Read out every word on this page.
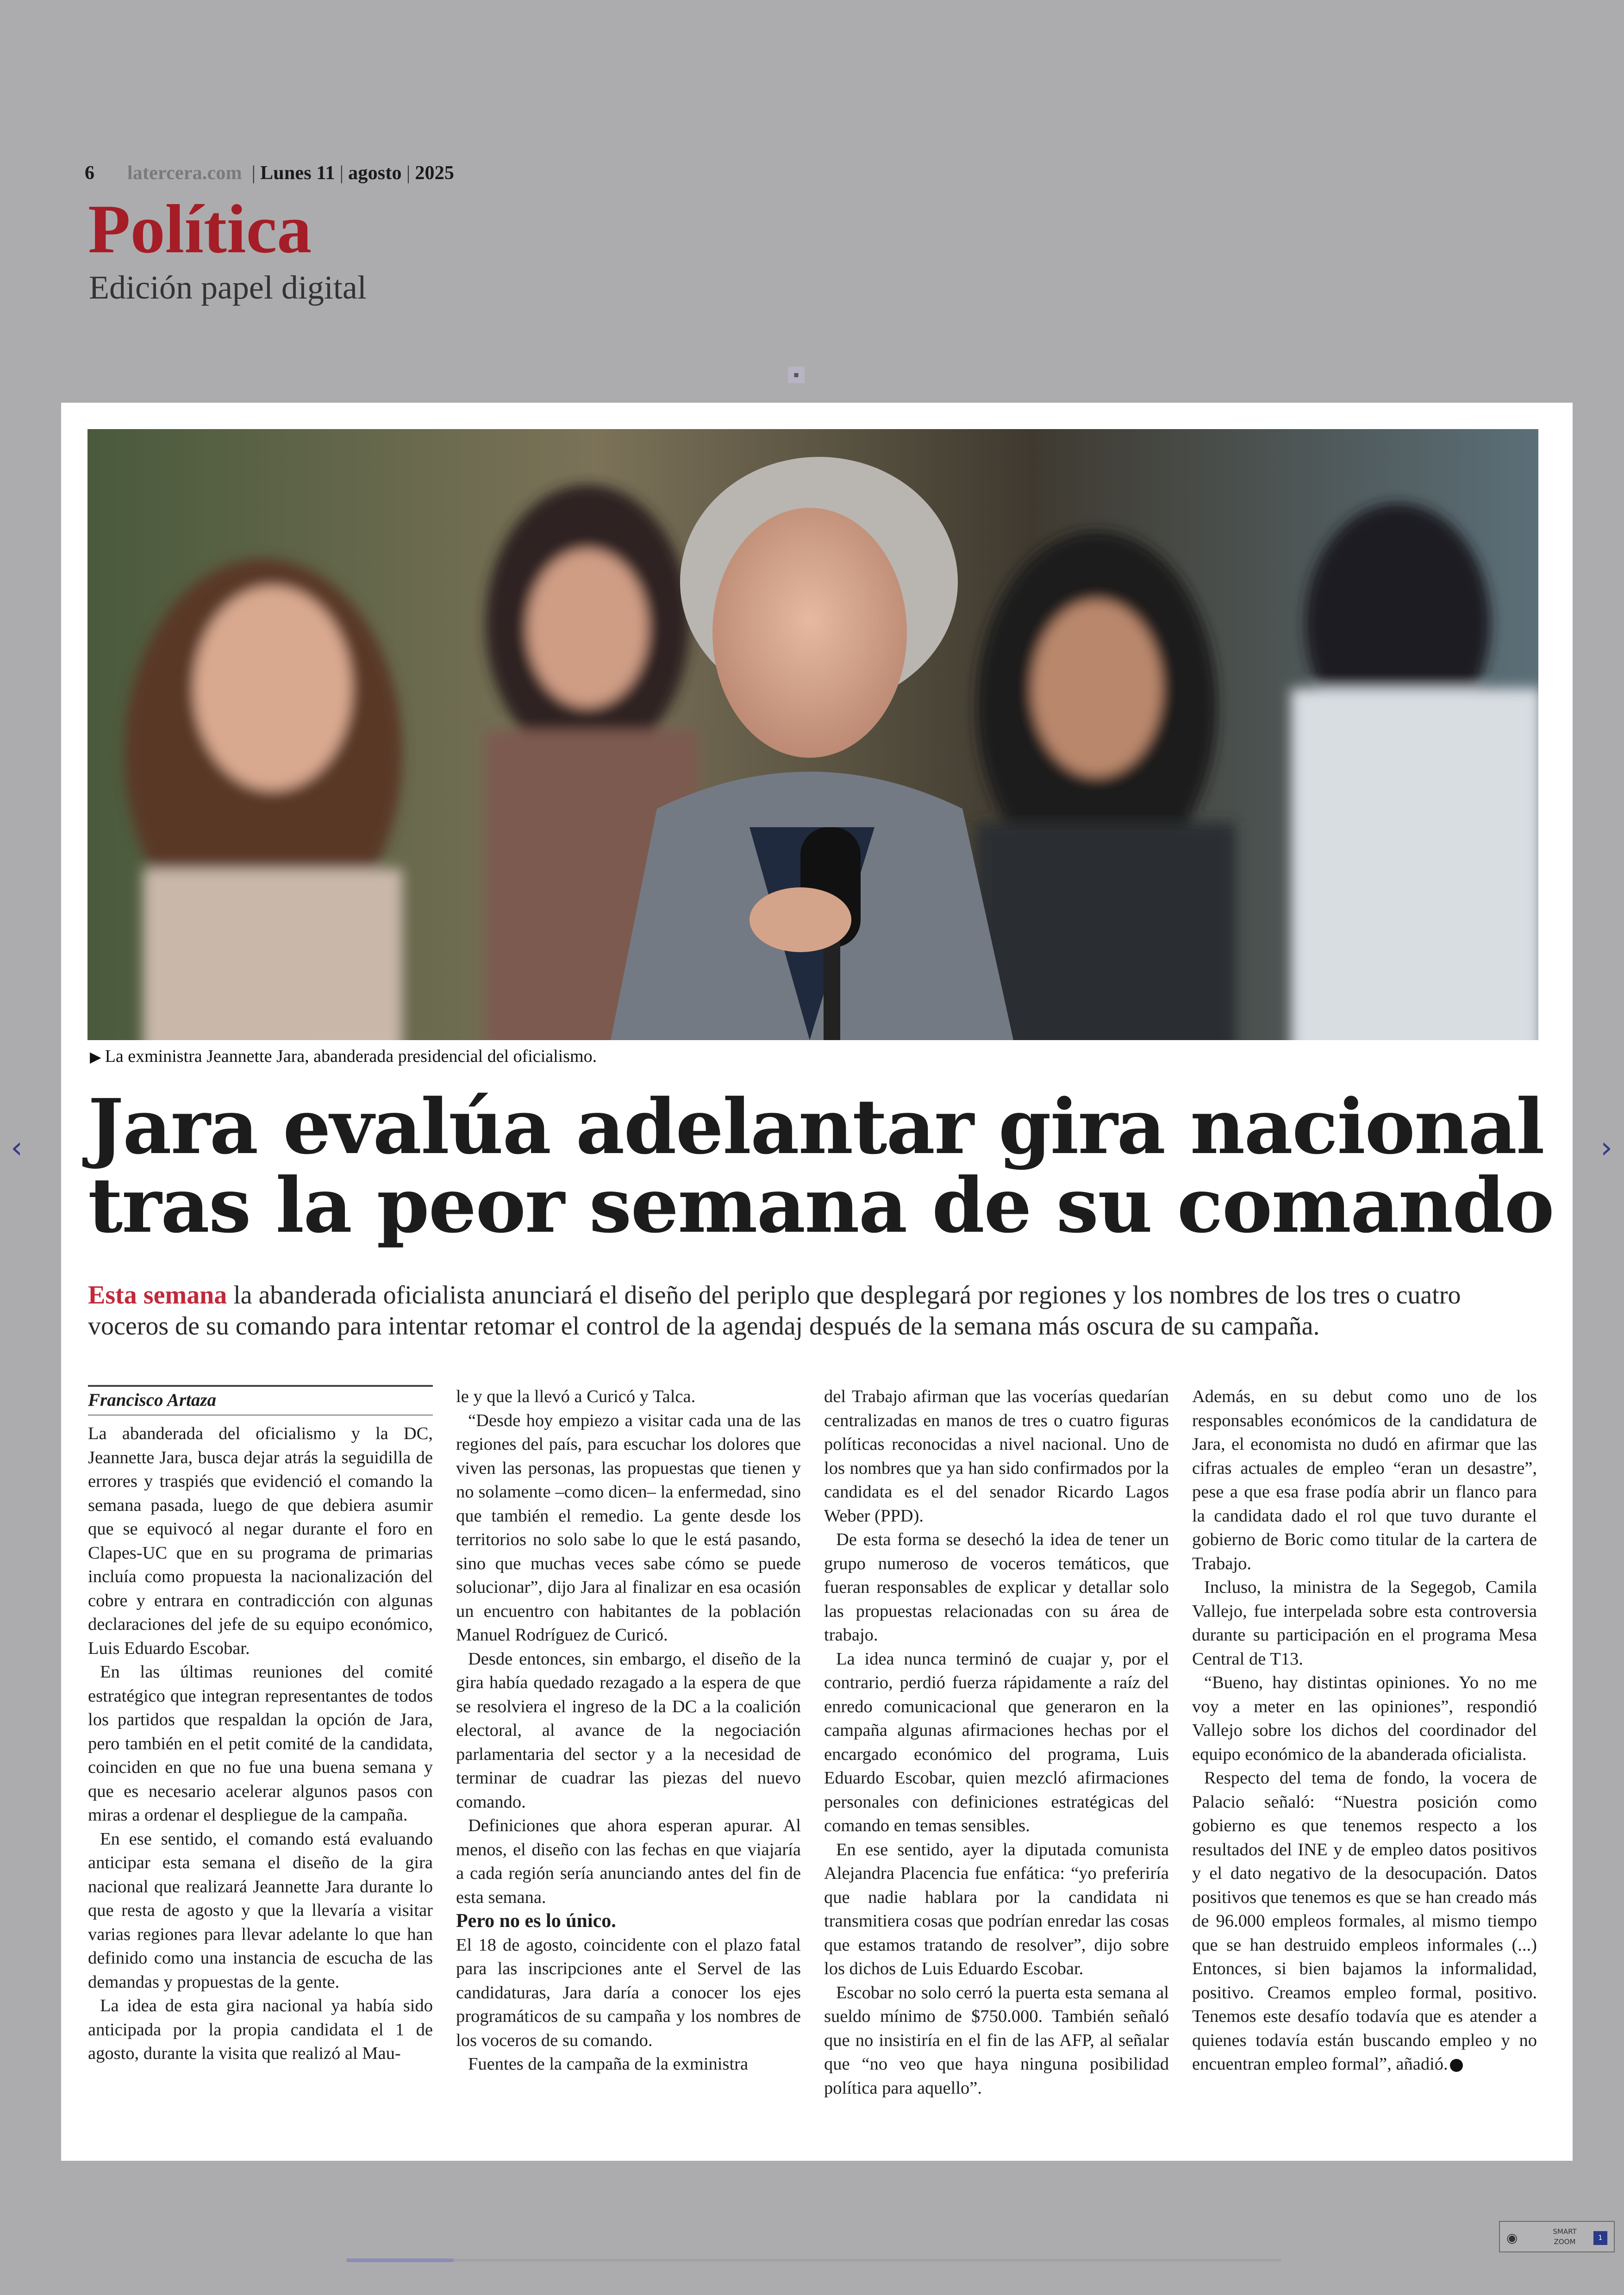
6 latercera.com | Lunes 11 | agosto | 2025
Política
Edición papel digital
▪
‹	›
▶ La exministra Jeannette Jara, abanderada presidencial del oficialismo.
Jara evalúa adelantar gira nacional
tras la peor semana de su comando
Esta semana la abanderada oficialista anunciará el diseño del periplo que desplegará por regiones y los nombres de los tres o cuatro voceros de su comando para intentar retomar el control de la agendaj después de la semana más oscura de su campaña.
Francisco Artaza

La abanderada del oficialismo y la DC, Jeannette Jara, busca dejar atrás la seguidilla de errores y traspiés que evidenció el comando la semana pasada, luego de que debiera asumir que se equivocó al negar durante el foro en Clapes-UC que en su programa de primarias incluía como propuesta la nacionalización del cobre y entrara en contradicción con algunas declaraciones del jefe de su equipo económico, Luis Eduardo Escobar.

En las últimas reuniones del comité estratégico que integran representantes de todos los partidos que respaldan la opción de Jara, pero también en el petit comité de la candidata, coinciden en que no fue una buena semana y que es necesario acelerar algunos pasos con miras a ordenar el despliegue de la campaña.

En ese sentido, el comando está evaluando anticipar esta semana el diseño de la gira nacional que realizará Jeannette Jara durante lo que resta de agosto y que la llevaría a visitar varias regiones para llevar adelante lo que han definido como una instancia de escucha de las demandas y propuestas de la gente.

La idea de esta gira nacional ya había sido anticipada por la propia candidata el 1 de agosto, durante la visita que realizó al Mau-

le y que la llevó a Curicó y Talca.

“Desde hoy empiezo a visitar cada una de las regiones del país, para escuchar los dolores que viven las personas, las propuestas que tienen y no solamente –como dicen– la enfermedad, sino que también el remedio. La gente desde los territorios no solo sabe lo que le está pasando, sino que muchas veces sabe cómo se puede solucionar”, dijo Jara al finalizar en esa ocasión un encuentro con habitantes de la población Manuel Rodríguez de Curicó.

Desde entonces, sin embargo, el diseño de la gira había quedado rezagado a la espera de que se resolviera el ingreso de la DC a la coalición electoral, al avance de la negociación parlamentaria del sector y a la necesidad de terminar de cuadrar las piezas del nuevo comando.

Definiciones que ahora esperan apurar. Al menos, el diseño con las fechas en que viajaría a cada región sería anunciando antes del fin de esta semana.

Pero no es lo único.

El 18 de agosto, coincidente con el plazo fatal para las inscripciones ante el Servel de las candidaturas, Jara daría a conocer los ejes programáticos de su campaña y los nombres de los voceros de su comando.

Fuentes de la campaña de la exministra

del Trabajo afirman que las vocerías quedarían centralizadas en manos de tres o cuatro figuras políticas reconocidas a nivel nacional. Uno de los nombres que ya han sido confirmados por la candidata es el del senador Ricardo Lagos Weber (PPD).

De esta forma se desechó la idea de tener un grupo numeroso de voceros temáticos, que fueran responsables de explicar y detallar solo las propuestas relacionadas con su área de trabajo.

La idea nunca terminó de cuajar y, por el contrario, perdió fuerza rápidamente a raíz del enredo comunicacional que generaron en la campaña algunas afirmaciones hechas por el encargado económico del programa, Luis Eduardo Escobar, quien mezcló afirmaciones personales con definiciones estratégicas del comando en temas sensibles.

En ese sentido, ayer la diputada comunista Alejandra Placencia fue enfática: “yo preferiría que nadie hablara por la candidata ni transmitiera cosas que podrían enredar las cosas que estamos tratando de resolver”, dijo sobre los dichos de Luis Eduardo Escobar.

Escobar no solo cerró la puerta esta semana al sueldo mínimo de $750.000. También señaló que no insistiría en el fin de las AFP, al señalar que “no veo que haya ninguna posibilidad política para aquello”.

Además, en su debut como uno de los responsables económicos de la candidatura de Jara, el economista no dudó en afirmar que las cifras actuales de empleo “eran un desastre”, pese a que esa frase podía abrir un flanco para la candidata dado el rol que tuvo durante el gobierno de Boric como titular de la cartera de Trabajo.

Incluso, la ministra de la Segegob, Camila Vallejo, fue interpelada sobre esta controversia durante su participación en el programa Mesa Central de T13.

“Bueno, hay distintas opiniones. Yo no me voy a meter en las opiniones”, respondió Vallejo sobre los dichos del coordinador del equipo económico de la abanderada oficialista.

Respecto del tema de fondo, la vocera de Palacio señaló: “Nuestra posición como gobierno es que tenemos respecto a los resultados del INE y de empleo datos positivos y el dato negativo de la desocupación. Datos positivos que tenemos es que se han creado más de 96.000 empleos formales, al mismo tiempo que se han destruido empleos informales (...) Entonces, si bien bajamos la informalidad, positivo. Creamos empleo formal, positivo. Tenemos este desafío todavía que es atender a quienes todavía están buscando empleo y no encuentran empleo formal”, añadió.

◉	SMART ZOOM	1
